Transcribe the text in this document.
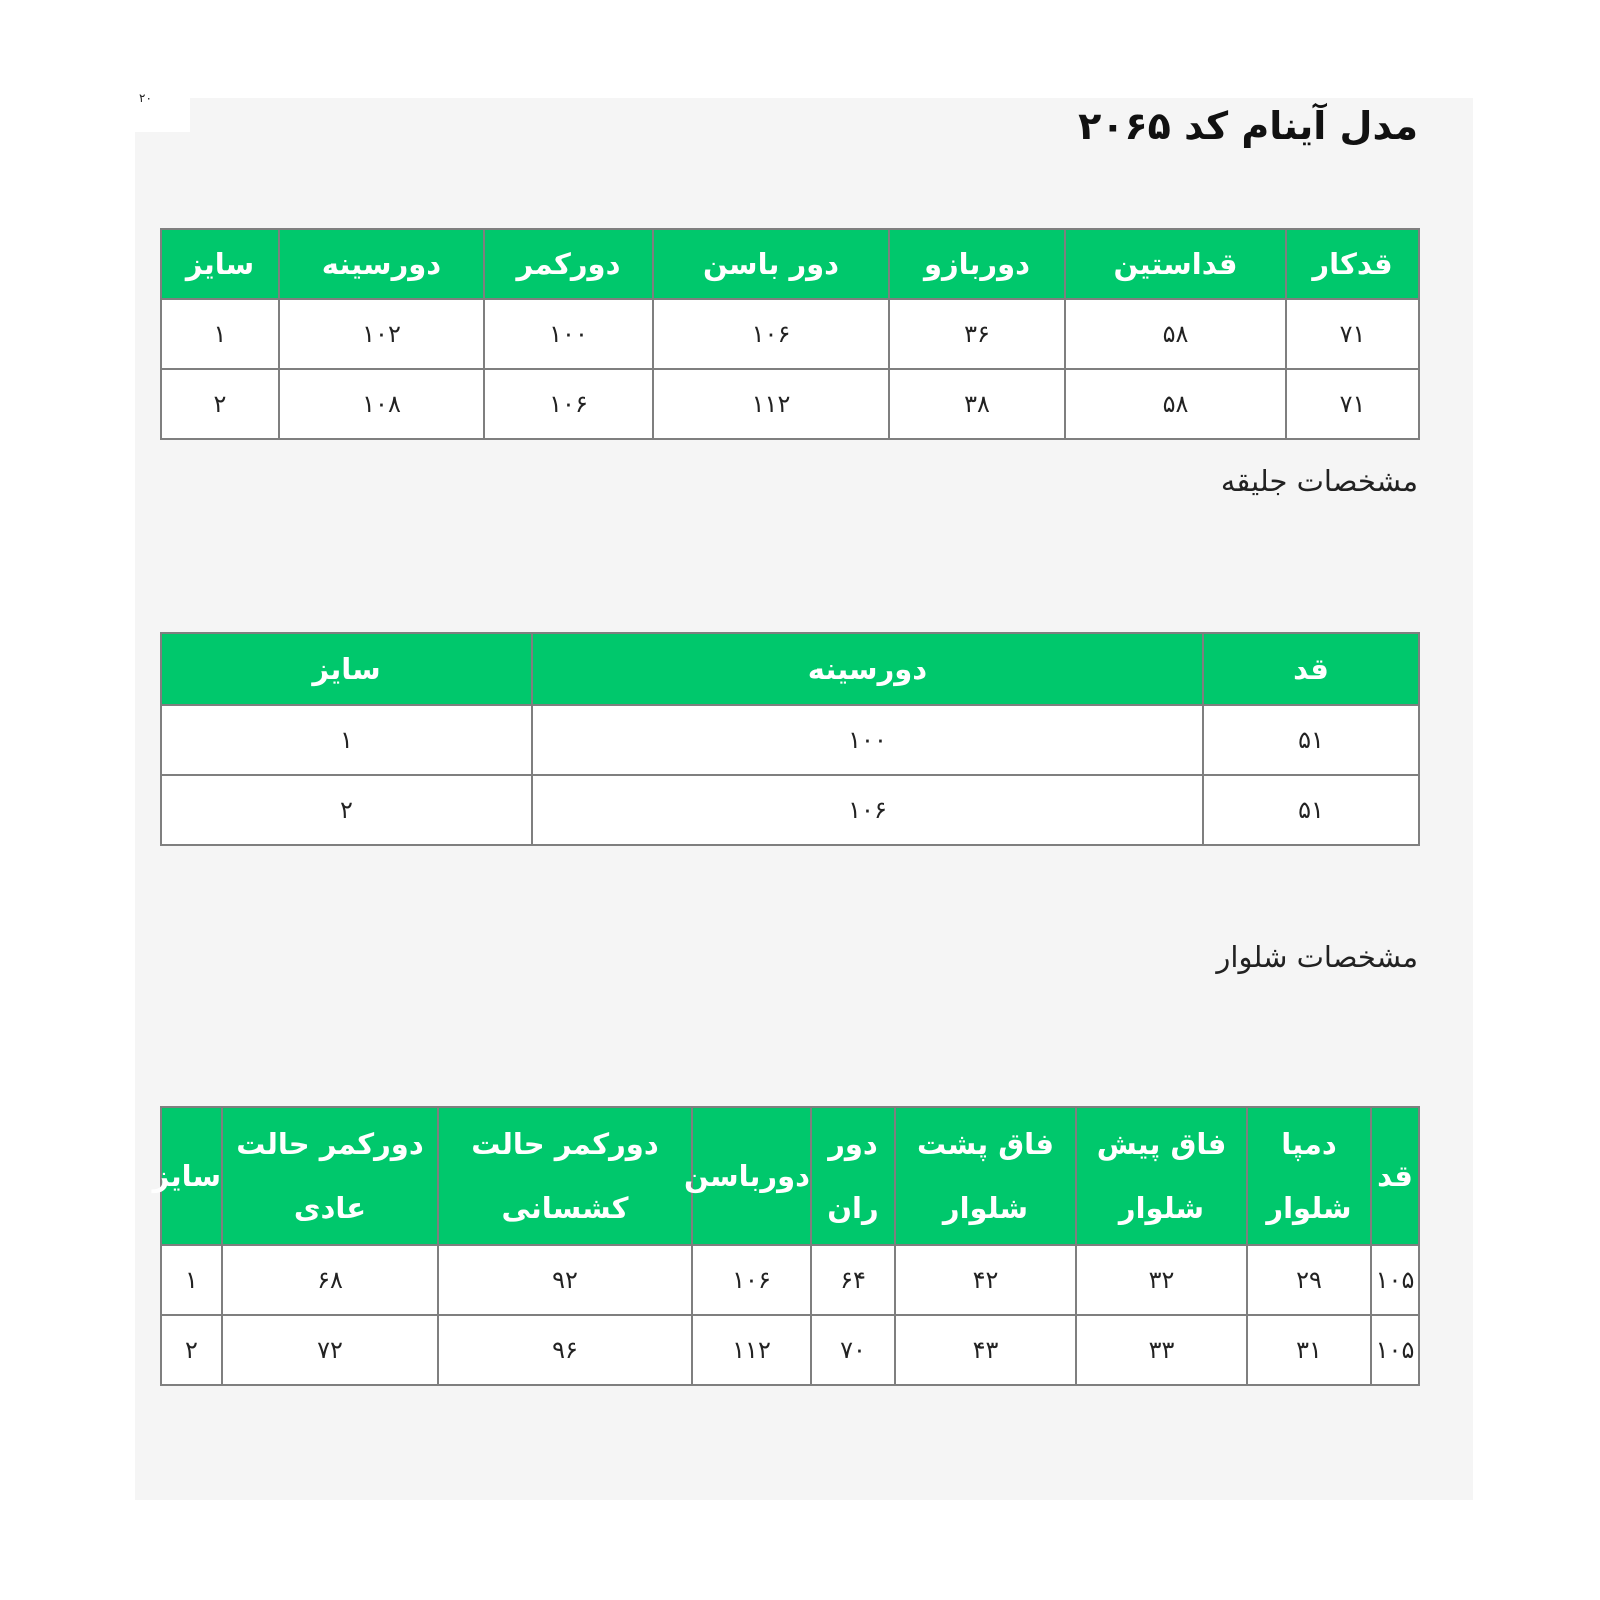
٢٠
مدل آینام کد ۲۰۶۵
قدکار	قداستین	دوربازو	دور باسن	دورکمر	دورسینه	سایز
۷۱	۵۸	۳۶	۱۰۶	۱۰۰	۱۰۲	۱
۷۱	۵۸	۳۸	۱۱۲	۱۰۶	۱۰۸	۲
مشخصات جلیقه
قد	دورسینه	سایز
۵۱	۱۰۰	۱
۵۱	۱۰۶	۲
مشخصات شلوار
قد	دمپا شلوار	فاق پیش شلوار	فاق پشت شلوار	دور ران	دورباسن	دورکمر حالت کشسانی	دورکمر حالت عادی	سایز
۱۰۵	۲۹	۳۲	۴۲	۶۴	۱۰۶	۹۲	۶۸	۱
۱۰۵	۳۱	۳۳	۴۳	۷۰	۱۱۲	۹۶	۷۲	۲
